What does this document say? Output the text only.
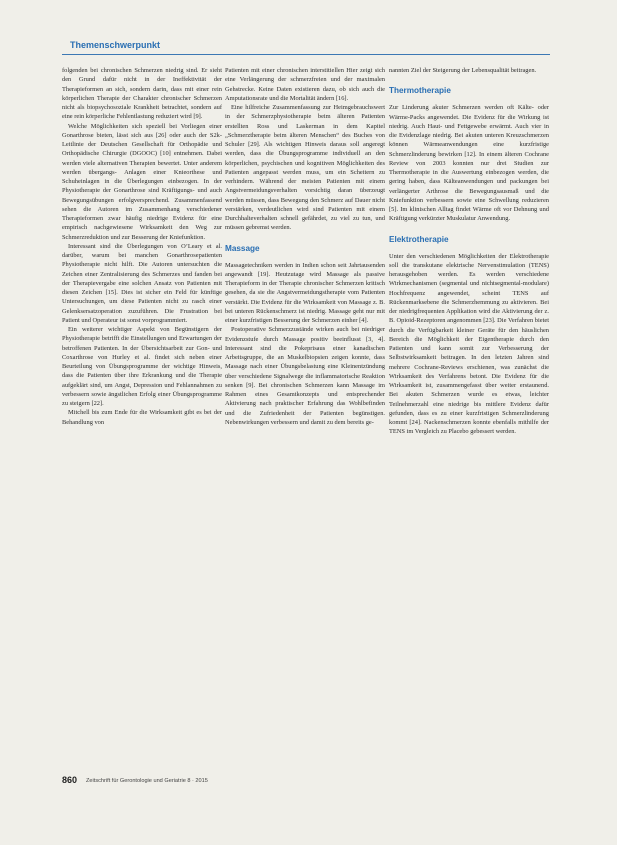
Themenschwerpunkt

folgenden bei chronischen Schmerzen niedrig sind. Er sieht den Grund dafür nicht in der Ineffektivität der Therapieformen an sich, sondern darin, dass mit einer rein körperlichen Therapie der Charakter chronischer Schmerzen nicht als biopsychosoziale Krankheit betrachtet, sondern auf eine rein körperliche Fehlentlastung reduziert wird [9].

Welche Möglichkeiten sich speziell bei Vorliegen einer Gonarthrose bieten, lässt sich aus [26] oder auch der S2k-Leitlinie der Deutschen Gesellschaft für Orthopädie und Orthopädische Chirurgie (DGOOC) [10] entnehmen. Dabei werden viele alternativen Therapien bewertet. Unter anderem werden übergangs- Anlagen einer Knieorthese und Schuheinlagen in die Überlegungen einbezogen. In der Physiotherapie der Gonarthrose sind Kräftigungs- und auch Bewegungsübungen erfolgversprechend. Zusammenfassend sehen die Autoren im Zusammenhang verschiedener Therapieformen zwar häufig niedrige Evidenz für eine empirisch nachgewiesene Wirksamkeit den Weg zur Schmerzreduktion und zur Besserung der Kniefunktion.

Interessant sind die Überlegungen von O’Leary et al. darüber, warum bei manchen Gonarthrosepatienten Physiotherapie nicht hilft. Die Autoren untersuchten die Zeichen einer Zentralisierung des Schmerzes und fanden bei der Therapievergabe eine solchen Ansatz von Patienten mit diesen Zeichen [15]. Dies ist sicher ein Feld für künftige Untersuchungen, um diese Patienten nicht zu rasch einer Gelenksersatzoperation zuzuführen. Die Frustration bei Patient und Operateur ist sonst vorprogrammiert.

Ein weiterer wichtiger Aspekt von Begünstigern der Physiotherapie betrifft die Einstellungen und Erwartungen der betroffenen Patienten. In der Übersichtsarbeit zur Gon- und Coxarthrose von Hurley et al. findet sich neben einer Beurteilung von Übungsprogramme der wichtige Hinweis, dass die Patienten über ihre Erkrankung und die Therapie aufgeklärt sind, um Angst, Depression und Fehlannahmen zu verbessern sowie ängstlichen Erfolg einer Übungsprogramme zu steigern [22].

Mitchell bis zum Ende für die Wirksamkeit gibt es bei der Behandlung von

Patienten mit einer chronischen interstitiellen Hier zeigt sich eine Verlängerung der schmerzfreien und der maximalen Gehstrecke. Keine Daten existieren dazu, ob sich auch die Amputationsrate und die Mortalität ändern [16].

Eine hilfreiche Zusammenfassung zur Heimgebrauchswert in der Schmerzphysiotherapie beim älteren Patienten erstellten Ross und Laskerman in dem Kapitel „Schmerztherapie beim älteren Menschen“ des Buches von Schuler [29]. Als wichtigen Hinweis daraus soll angeregt werden, dass die Übungsprogramme individuell an den körperlichen, psychischen und kognitiven Möglichkeiten des Patienten angepasst werden muss, um ein Scheitern zu verhindern. Während der meisten Patienten mit einem Angstvermeidungsverhalten vorsichtig daran überzeugt werden müssen, dass Bewegung den Schmerz auf Dauer nicht verstärken, verdeutlichen wird sind Patienten mit einem Durchhalteverhalten schnell gefährdet, zu viel zu tun, und müssen gebremst werden.

Massage

Massagetechniken werden in Indien schon seit Jahrtausenden angewandt [19]. Heutzutage wird Massage als passive Therapieform in der Therapie chronischer Schmerzen kritisch gesehen, da sie die Angstvermeidungstherapie vom Patienten verstärkt. Die Evidenz für die Wirksamkeit von Massage z. B. bei unteren Rückenschmerz ist niedrig. Massage geht nur mit einer kurzfristigen Besserung der Schmerzen einher [4].

Postoperative Schmerzzustände wirken auch bei niedriger Evidenzstufe durch Massage positiv beeinflusst [3, 4]. Interessant sind die Pokeprisaus einer kanadischen Arbeitsgruppe, die an Muskelbiopsien zeigen konnte, dass Massage nach einer Übungsbelastung eine Kleinentzündung über verschiedene Signalwege die inflammatorische Reaktion senken [9]. Bei chronischen Schmerzen kann Massage im Rahmen eines Gesamtkonzepts und entsprechender Aktivierung nach praktischer Erfahrung das Wohlbefinden und die Zufriedenheit der Patienten begünstigen. Nebenwirkungen verbessern und damit zu dem bereits ge-

nannten Ziel der Steigerung der Lebensqualität beitragen.

Thermotherapie

Zur Linderung akuter Schmerzen werden oft Kälte- oder Wärme-Packs angewendet. Die Evidenz für die Wirkung ist niedrig. Auch Haut- und Fettgewebe erwärmt. Auch vier in die Evidenzlage niedrig. Bei akuten unteren Kreuzschmerzen können Wärmeanwendungen eine kurzfristige Schmerzlinderung bewirken [12]. In einem älteren Cochrane Review von 2003 konnten nur drei Studien zur Thermotherapie in die Auswertung einbezogen werden, die gering haben, dass Kälteanwendungen und packungen bei verlängerter Arthrose die Bewegungsausmaß und die Kniefunktion verbessern sowie eine Schwellung reduzieren [5]. Im klinischen Alltag findet Wärme oft vor Dehnung und Kräftigung verkürzter Muskulatur Anwendung.

Elektrotherapie

Unter den verschiedenen Möglichkeiten der Elektrotherapie soll die transkutane elektrische Nervenstimulation (TENS) herausgehoben werden. Es werden verschiedene Wirkmechanismen (segmental und nichtsegmental-modulare) Hochfrequenz angewendet, scheint TENS auf Rückenmarksebene die Schmerzhemmung zu aktivieren. Bei der niedrigfrequenten Applikation wird die Aktivierung der z. B. Opioid-Rezeptoren angenommen [23]. Die Verfahren bietet durch die Verfügbarkeit kleiner Geräte für den häuslichen Bereich die Möglichkeit der Eigentherapie durch den Patienten und kann somit zur Verbesserung der Selbstwirksamkeit beitragen. In den letzten Jahren sind mehrere Cochrane-Reviews erschienen, was zunächst die Wirksamkeit des Verfahrens betont. Die Evidenz für die Wirksamkeit ist, zusammengefasst über weiter erstaunend. Bei akuten Schmerzen wurde es etwas, leichter Teilnehmerzahl eine niedrige bis mittlere Evidenz dafür gefunden, dass es zu einer kurzfristigen Schmerzlinderung kommt [24]. Nackenschmerzen konnte ebenfalls mithilfe der TENS im Vergleich zu Placebo gebessert werden.

860 Zeitschrift für Gerontologie und Geriatrie 8 · 2015
